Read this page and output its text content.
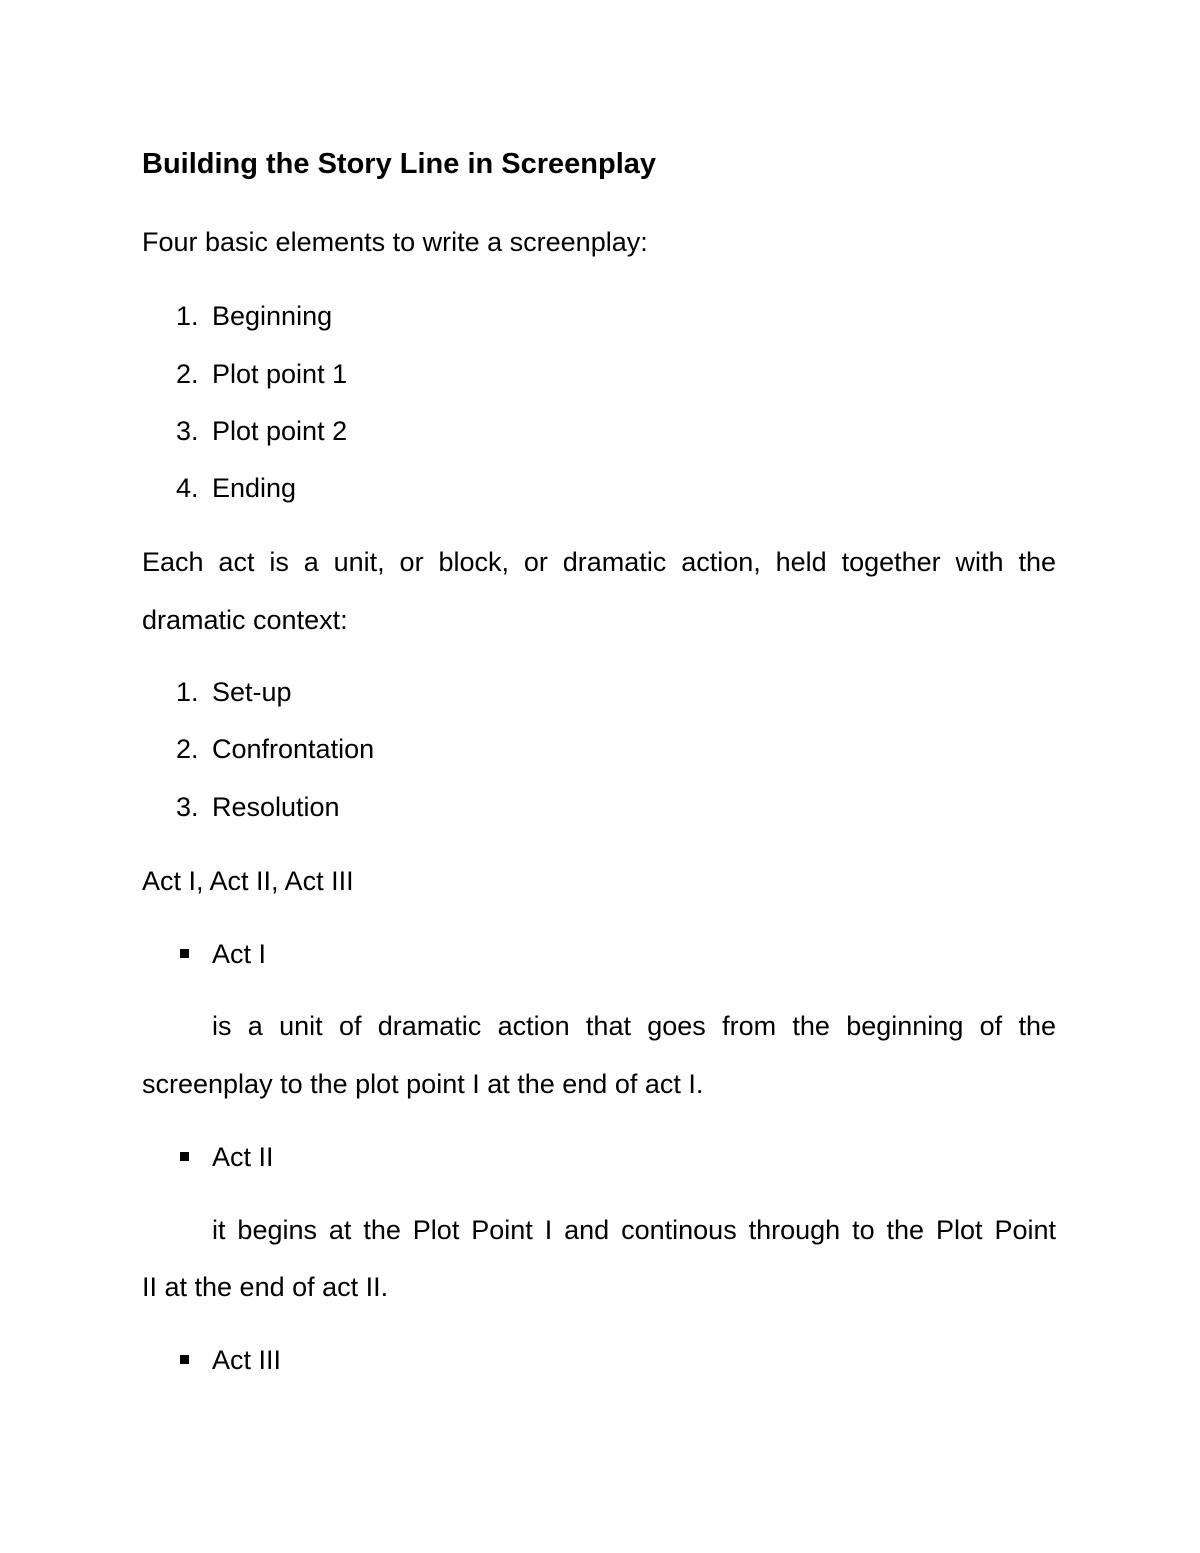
Building the Story Line in Screenplay
Four basic elements to write a screenplay:
1. Beginning
2. Plot point 1
3. Plot point 2
4. Ending
Each act is a unit, or block, or dramatic action, held together with the
dramatic context:
1. Set-up
2. Confrontation
3. Resolution
Act I, Act II, Act III
Act I
is a unit of dramatic action that goes from the beginning of the
screenplay to the plot point I at the end of act I.
Act II
it begins at the Plot Point I and continous through to the Plot Point
II at the end of act II.
Act III
